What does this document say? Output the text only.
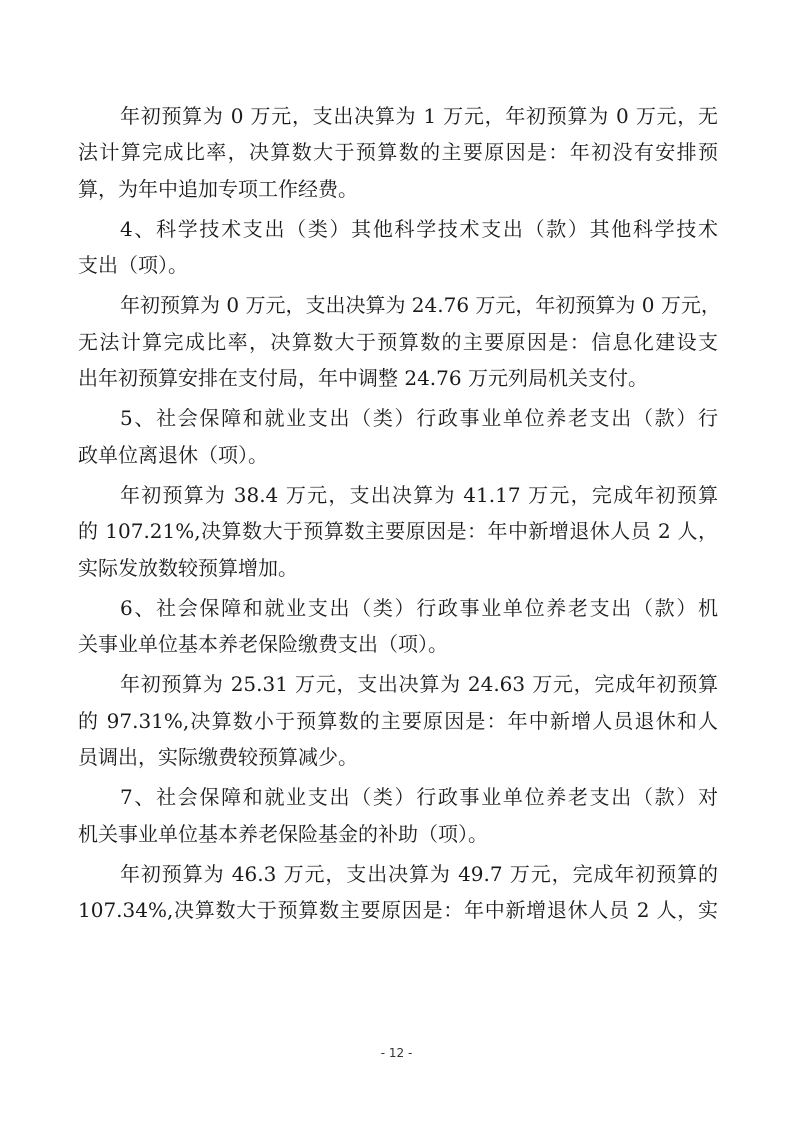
年初预算为 0 万元，支出决算为 1 万元，年初预算为 0 万元，无
法计算完成比率，决算数大于预算数的主要原因是：年初没有安排预
算，为年中追加专项工作经费。
4、科学技术支出（类）其他科学技术支出（款）其他科学技术
支出（项）。
年初预算为 0 万元，支出决算为 24.76 万元，年初预算为 0 万元，
无法计算完成比率，决算数大于预算数的主要原因是：信息化建设支
出年初预算安排在支付局，年中调整 24.76 万元列局机关支付。
5、社会保障和就业支出（类）行政事业单位养老支出（款）行
政单位离退休（项）。
年初预算为 38.4 万元，支出决算为 41.17 万元，完成年初预算
的 107.21%,决算数大于预算数主要原因是：年中新增退休人员 2 人，
实际发放数较预算增加。
6、社会保障和就业支出（类）行政事业单位养老支出（款）机
关事业单位基本养老保险缴费支出（项）。
年初预算为 25.31 万元，支出决算为 24.63 万元，完成年初预算
的 97.31%,决算数小于预算数的主要原因是：年中新增人员退休和人
员调出，实际缴费较预算减少。
7、社会保障和就业支出（类）行政事业单位养老支出（款）对
机关事业单位基本养老保险基金的补助（项）。
年初预算为 46.3 万元，支出决算为 49.7 万元，完成年初预算的
107.34%,决算数大于预算数主要原因是：年中新增退休人员 2 人，实
- 12 -
